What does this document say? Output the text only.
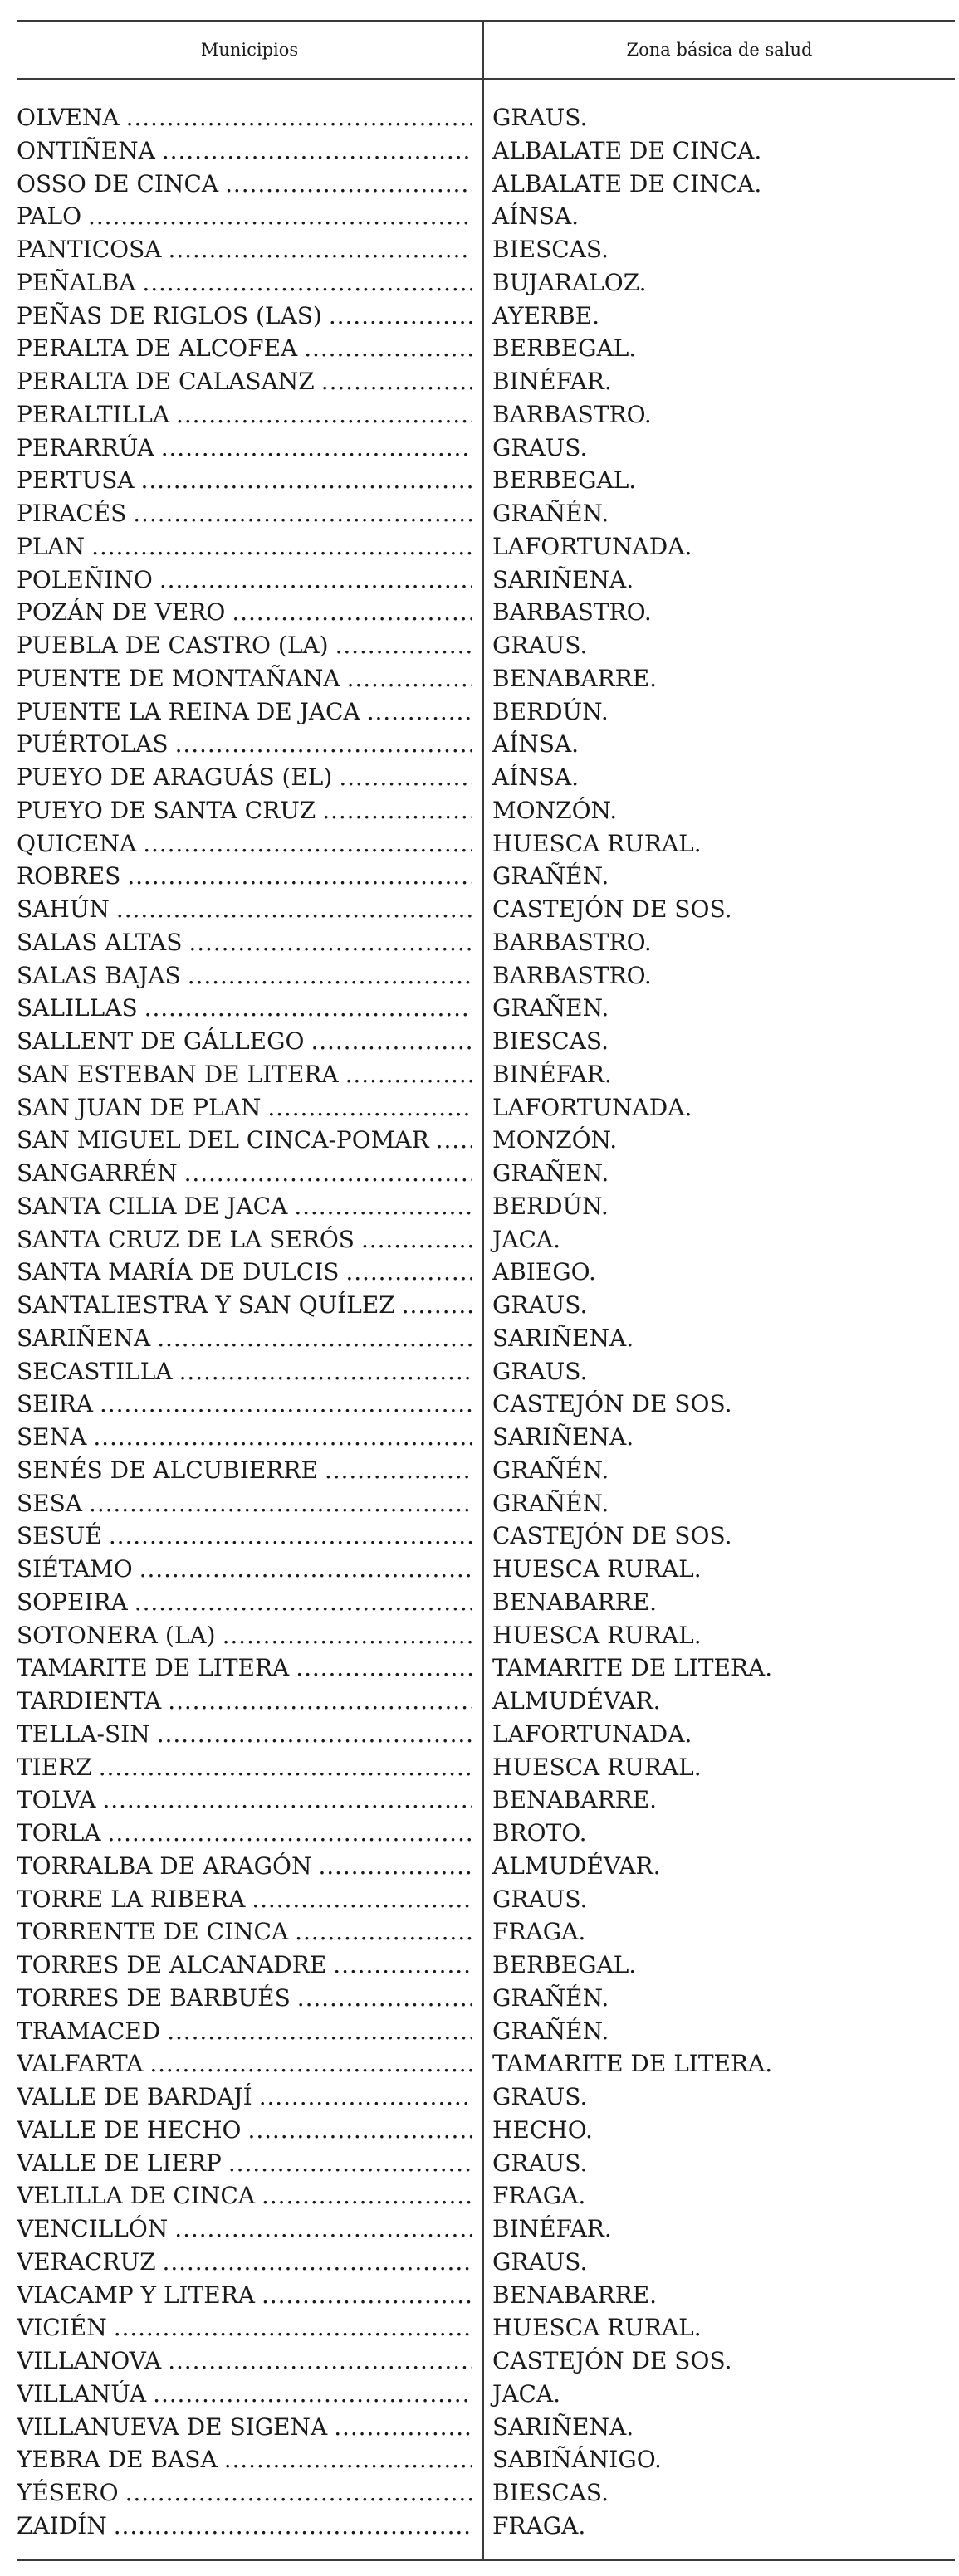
Municipios	Zona básica de salud
OLVENA . . .	GRAUS.
ONTIÑENA . . .	ALBALATE DE CINCA.
OSSO DE CINCA . . .	ALBALATE DE CINCA.
PALO . . .	AÍNSA.
PANTICOSA . . .	BIESCAS.
PEÑALBA . . .	BUJARALOZ.
PEÑAS DE RIGLOS (LAS) . . .	AYERBE.
PERALTA DE ALCOFEA . . .	BERBEGAL.
PERALTA DE CALASANZ . . .	BINÉFAR.
PERALTILLA . . .	BARBASTRO.
PERARRÚA . . .	GRAUS.
PERTUSA . . .	BERBEGAL.
PIRACÉS . . .	GRAÑÉN.
PLAN . . .	LAFORTUNADA.
POLEÑINO . . .	SARIÑENA.
POZÁN DE VERO . . .	BARBASTRO.
PUEBLA DE CASTRO (LA) . . .	GRAUS.
PUENTE DE MONTAÑANA . . .	BENABARRE.
PUENTE LA REINA DE JACA . . .	BERDÚN.
PUÉRTOLAS . . .	AÍNSA.
PUEYO DE ARAGUÁS (EL) . . .	AÍNSA.
PUEYO DE SANTA CRUZ . . .	MONZÓN.
QUICENA . . .	HUESCA RURAL.
ROBRES . . .	GRAÑÉN.
SAHÚN . . .	CASTEJÓN DE SOS.
SALAS ALTAS . . .	BARBASTRO.
SALAS BAJAS . . .	BARBASTRO.
SALILLAS . . .	GRAÑEN.
SALLENT DE GÁLLEGO . . .	BIESCAS.
SAN ESTEBAN DE LITERA . . .	BINÉFAR.
SAN JUAN DE PLAN . . .	LAFORTUNADA.
SAN MIGUEL DEL CINCA-POMAR . . .	MONZÓN.
SANGARRÉN . . .	GRAÑEN.
SANTA CILIA DE JACA . . .	BERDÚN.
SANTA CRUZ DE LA SERÓS . . .	JACA.
SANTA MARÍA DE DULCIS . . .	ABIEGO.
SANTALIESTRA Y SAN QUÍLEZ . . .	GRAUS.
SARIÑENA . . .	SARIÑENA.
SECASTILLA . . .	GRAUS.
SEIRA . . .	CASTEJÓN DE SOS.
SENA . . .	SARIÑENA.
SENÉS DE ALCUBIERRE . . .	GRAÑÉN.
SESA . . .	GRAÑÉN.
SESUÉ . . .	CASTEJÓN DE SOS.
SIÉTAMO . . .	HUESCA RURAL.
SOPEIRA . . .	BENABARRE.
SOTONERA (LA) . . .	HUESCA RURAL.
TAMARITE DE LITERA . . .	TAMARITE DE LITERA.
TARDIENTA . . .	ALMUDÉVAR.
TELLA-SIN . . .	LAFORTUNADA.
TIERZ . . .	HUESCA RURAL.
TOLVA . . .	BENABARRE.
TORLA . . .	BROTO.
TORRALBA DE ARAGÓN . . .	ALMUDÉVAR.
TORRE LA RIBERA . . .	GRAUS.
TORRENTE DE CINCA . . .	FRAGA.
TORRES DE ALCANADRE . . .	BERBEGAL.
TORRES DE BARBUÉS . . .	GRAÑÉN.
TRAMACED . . .	GRAÑÉN.
VALFARTA . . .	TAMARITE DE LITERA.
VALLE DE BARDAJÍ . . .	GRAUS.
VALLE DE HECHO . . .	HECHO.
VALLE DE LIERP . . .	GRAUS.
VELILLA DE CINCA . . .	FRAGA.
VENCILLÓN . . .	BINÉFAR.
VERACRUZ . . .	GRAUS.
VIACAMP Y LITERA . . .	BENABARRE.
VICIÉN . . .	HUESCA RURAL.
VILLANOVA . . .	CASTEJÓN DE SOS.
VILLANÚA . . .	JACA.
VILLANUEVA DE SIGENA . . .	SARIÑENA.
YEBRA DE BASA . . .	SABIÑÁNIGO.
YÉSERO . . .	BIESCAS.
ZAIDÍN . . .	FRAGA.
